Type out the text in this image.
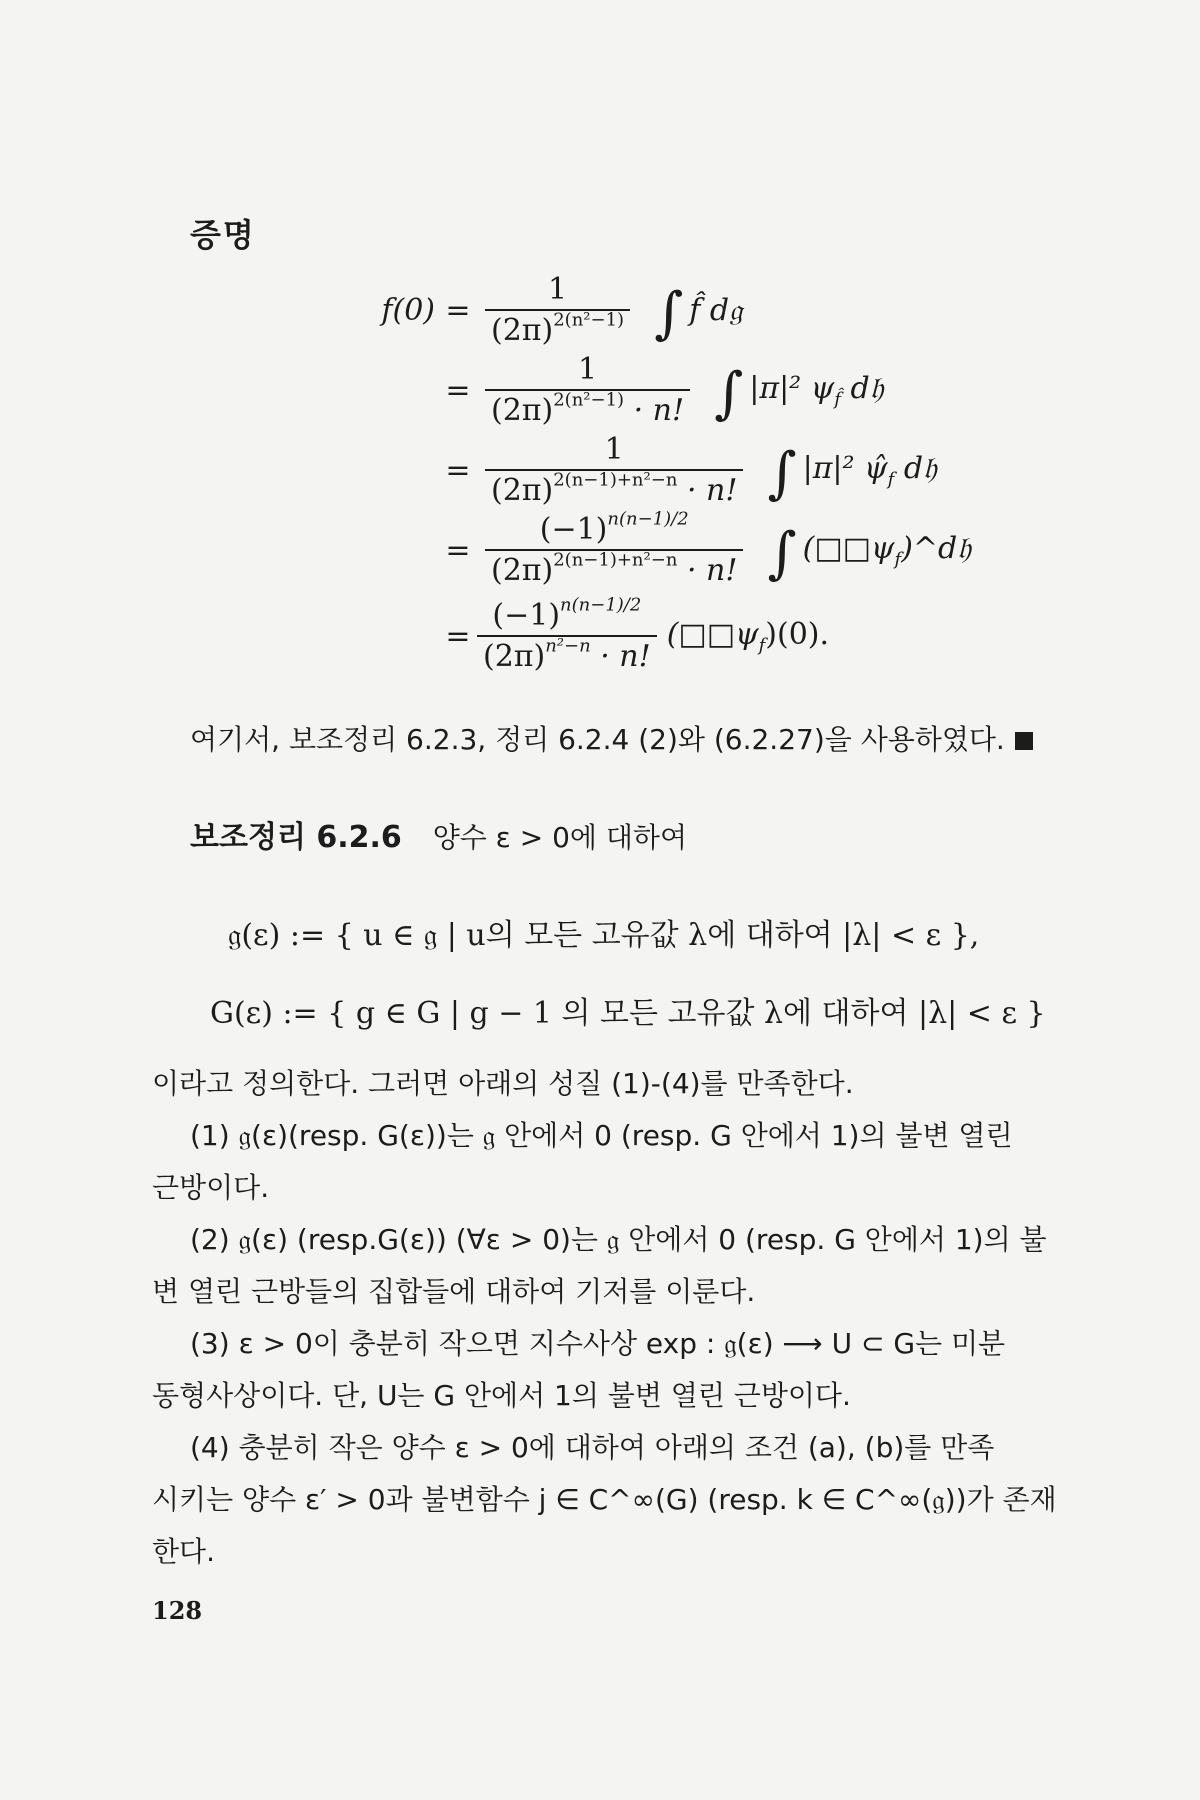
증명
$f(0) = \frac{1}{(2\pi)^{2(n^2-1)}}$ ∫ f̂ d𝔤
= $\frac{1}{(2\pi)^{2(n^2-1)} \cdot n!}$ ∫ |π|² $\psi_{f̂}$ d𝔥
= $\frac{1}{(2\pi)^{2(n-1)+n^2-n} \cdot n!}$ ∫ |π|² $\psî_f$ d𝔥
= $\frac{(-1)^{n(n-1)/2}}{(2\pi)^{2(n-1)+n^2-n} \cdot n!}$ ∫ $(□□\psi_f)\^{}d𝔥$
= $\frac{(-1)^{n(n-1)/2}}{(2\pi)^{n^2-n} \cdot n!}$ $(□□\psi_f)(0)$.
여기서, 보조정리 6.2.3, 정리 6.2.4 (2)와 (6.2.27)을 사용하였다.
보조정리 6.2.6 양수 ε > 0에 대하여
𝔤(ε) := { u ∈ 𝔤 | u의 모든 고유값 λ에 대하여 |λ| < ε },
G(ε) := { g ∈ G | g − 1 의 모든 고유값 λ에 대하여 |λ| < ε }
이라고 정의한다. 그러면 아래의 성질 (1)-(4)를 만족한다.
(1) 𝔤(ε)(resp. G(ε))는 𝔤 안에서 0 (resp. G 안에서 1)의 불변 열린
근방이다.
(2) 𝔤(ε) (resp.G(ε)) (∀ε > 0)는 𝔤 안에서 0 (resp. G 안에서 1)의 불
변 열린 근방들의 집합들에 대하여 기저를 이룬다.
(3) ε > 0이 충분히 작으면 지수사상 exp : 𝔤(ε) ⟶ U ⊂ G는 미분
동형사상이다. 단, U는 G 안에서 1의 불변 열린 근방이다.
(4) 충분히 작은 양수 ε > 0에 대하여 아래의 조건 (a), (b)를 만족
시키는 양수 ε′ > 0과 불변함수 j ∈ C^∞(G) (resp. k ∈ C^∞(𝔤))가 존재
한다.
128
